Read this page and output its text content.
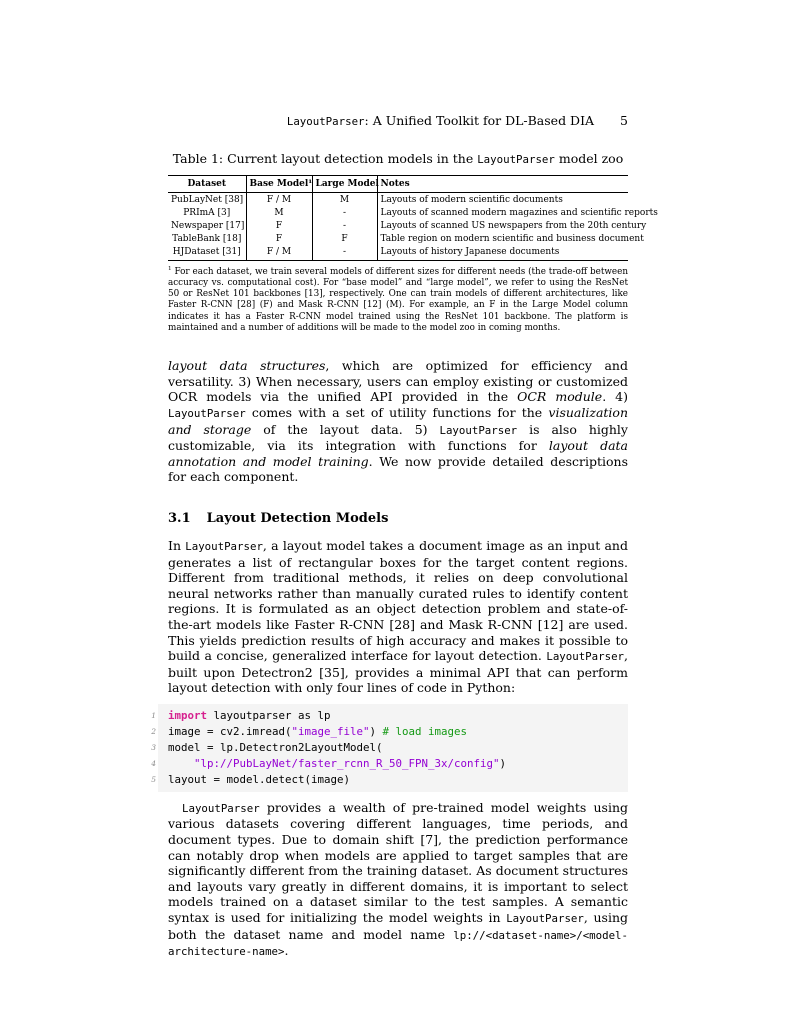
LayoutParser: A Unified Toolkit for DL-Based DIA 5
Table 1: Current layout detection models in the LayoutParser model zoo
Dataset	Base Model¹	Large Model	Notes
PubLayNet [38]	F / M	M	Layouts of modern scientific documents
PRImA [3]	M	-	Layouts of scanned modern magazines and scientific reports
Newspaper [17]	F	-	Layouts of scanned US newspapers from the 20th century
TableBank [18]	F	F	Table region on modern scientific and business document
HJDataset [31]	F / M	-	Layouts of history Japanese documents
$^1$ For each dataset, we train several models of different sizes for different needs (the trade-off between accuracy vs. computational cost). For “base model” and “large model”, we refer to using the ResNet 50 or ResNet 101 backbones [13], respectively. One can train models of different architectures, like Faster R-CNN [28] (F) and Mask R-CNN [12] (M). For example, an F in the Large Model column indicates it has a Faster R-CNN model trained using the ResNet 101 backbone. The platform is maintained and a number of additions will be made to the model zoo in coming months.

layout data structures, which are optimized for efficiency and versatility. 3) When necessary, users can employ existing or customized OCR models via the unified API provided in the OCR module. 4) LayoutParser comes with a set of utility functions for the visualization and storage of the layout data. 5) LayoutParser is also highly customizable, via its integration with functions for layout data annotation and model training. We now provide detailed descriptions for each component.

3.1 Layout Detection Models

In LayoutParser, a layout model takes a document image as an input and generates a list of rectangular boxes for the target content regions. Different from traditional methods, it relies on deep convolutional neural networks rather than manually curated rules to identify content regions. It is formulated as an object detection problem and state-of-the-art models like Faster R-CNN [28] and Mask R-CNN [12] are used. This yields prediction results of high accuracy and makes it possible to build a concise, generalized interface for layout detection. LayoutParser, built upon Detectron2 [35], provides a minimal API that can perform layout detection with only four lines of code in Python:

1 import layoutparser as lp
2 image = cv2.imread("image_file") # load images
3 model = lp.Detectron2LayoutModel(
4	"lp://PubLayNet/faster_rcnn_R_50_FPN_3x/config")
5 layout = model.detect(image)

LayoutParser provides a wealth of pre-trained model weights using various datasets covering different languages, time periods, and document types. Due to domain shift [7], the prediction performance can notably drop when models are applied to target samples that are significantly different from the training dataset. As document structures and layouts vary greatly in different domains, it is important to select models trained on a dataset similar to the test samples. A semantic syntax is used for initializing the model weights in LayoutParser, using both the dataset name and model name lp://<dataset-name>/<model-architecture-name>.
